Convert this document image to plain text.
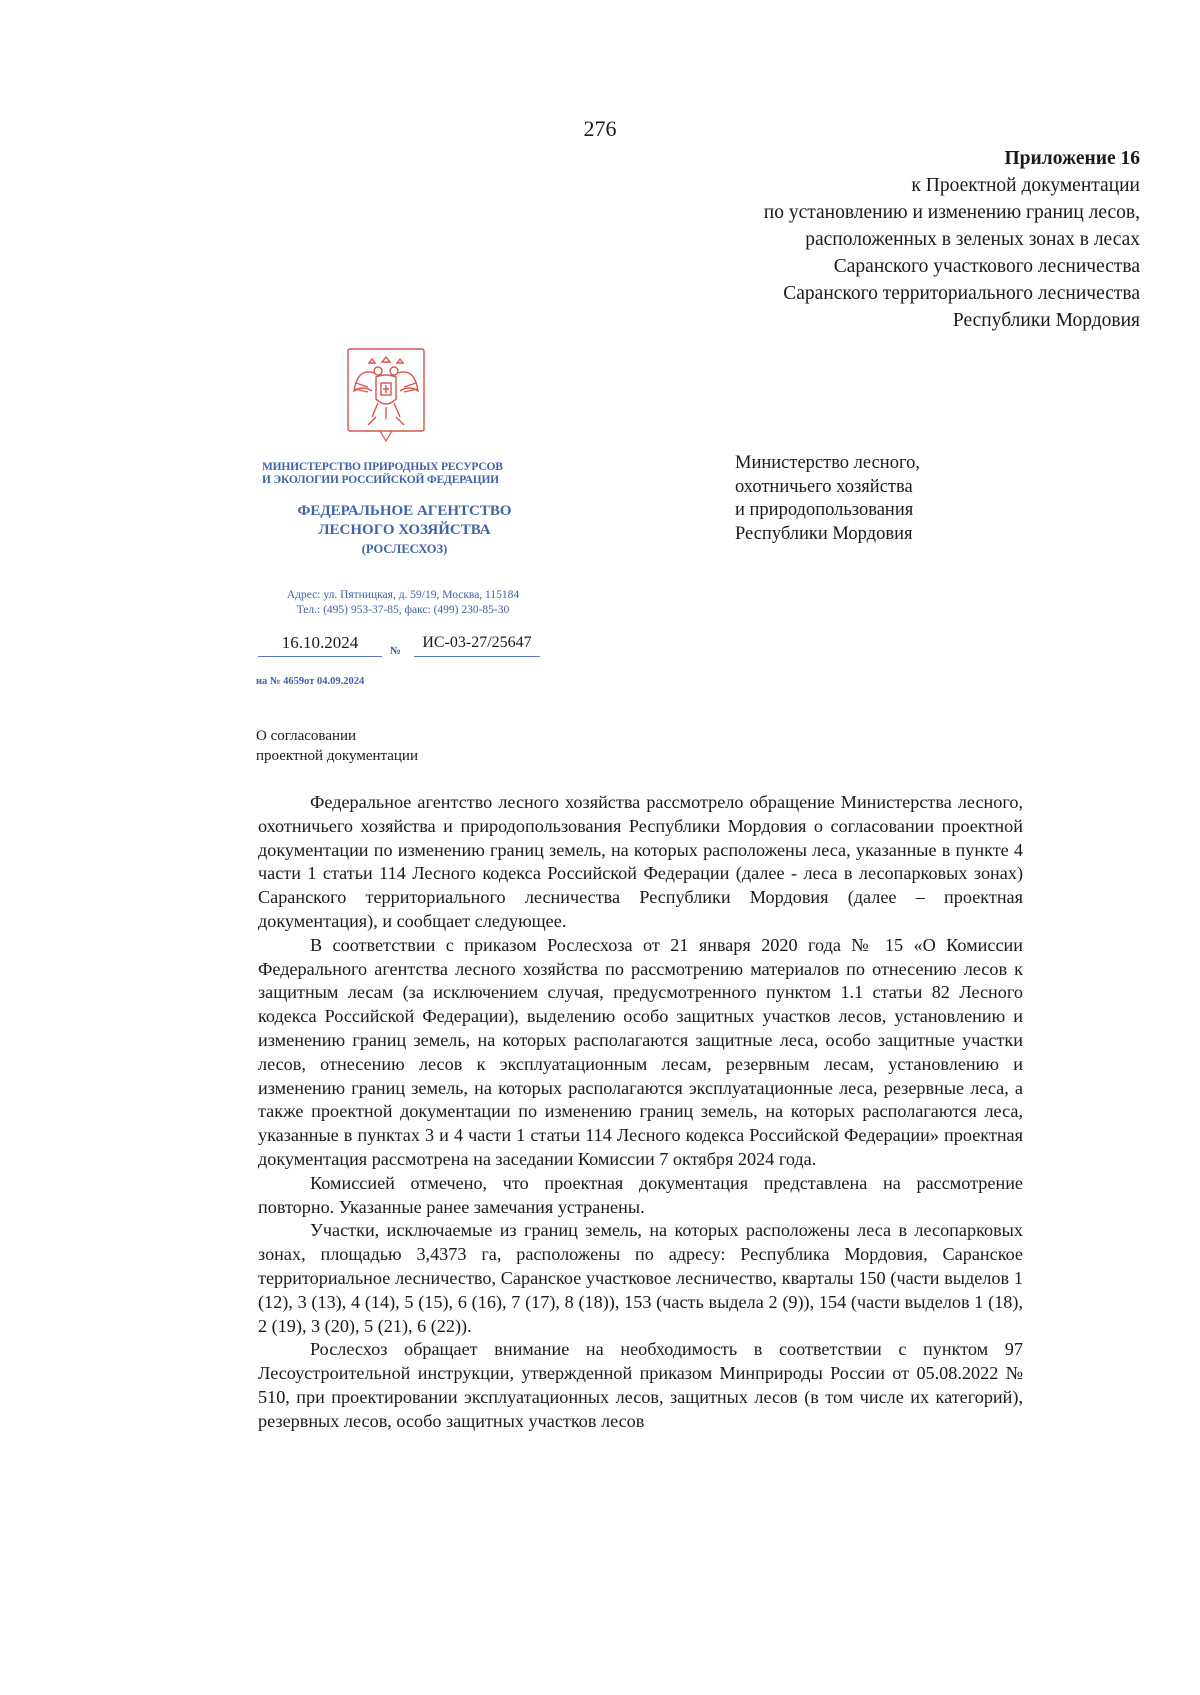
276
Приложение 16
к Проектной документации
по установлению и изменению границ лесов,
расположенных в зеленых зонах в лесах
Саранского участкового лесничества
Саранского территориального лесничества
Республики Мордовия
МИНИСТЕРСТВО ПРИРОДНЫХ РЕСУРСОВ
И ЭКОЛОГИИ РОССИЙСКОЙ ФЕДЕРАЦИИ
ФЕДЕРАЛЬНОЕ АГЕНТСТВО
ЛЕСНОГО ХОЗЯЙСТВА
(РОСЛЕСХОЗ)
Адрес: ул. Пятницкая, д. 59/19, Москва, 115184
Тел.: (495) 953-37-85, факс: (499) 230-85-30
16.10.2024	№	ИС-03-27/25647
на № 4659от 04.09.2024
Министерство лесного,
охотничьего хозяйства
и природопользования
Республики Мордовия
О согласовании
проектной документации

Федеральное агентство лесного хозяйства рассмотрело обращение Министерства лесного, охотничьего хозяйства и природопользования Республики Мордовия о согласовании проектной документации по изменению границ земель, на которых расположены леса, указанные в пункте 4 части 1 статьи 114 Лесного кодекса Российской Федерации (далее - леса в лесопарковых зонах) Саранского территориального лесничества Республики Мордовия (далее – проектная документация), и сообщает следующее.

В соответствии с приказом Рослесхоза от 21 января 2020 года № 15 «О Комиссии Федерального агентства лесного хозяйства по рассмотрению материалов по отнесению лесов к защитным лесам (за исключением случая, предусмотренного пунктом 1.1 статьи 82 Лесного кодекса Российской Федерации), выделению особо защитных участков лесов, установлению и изменению границ земель, на которых располагаются защитные леса, особо защитные участки лесов, отнесению лесов к эксплуатационным лесам, резервным лесам, установлению и изменению границ земель, на которых располагаются эксплуатационные леса, резервные леса, а также проектной документации по изменению границ земель, на которых располагаются леса, указанные в пунктах 3 и 4 части 1 статьи 114 Лесного кодекса Российской Федерации» проектная документация рассмотрена на заседании Комиссии 7 октября 2024 года.

Комиссией отмечено, что проектная документация представлена на рассмотрение повторно. Указанные ранее замечания устранены.

Участки, исключаемые из границ земель, на которых расположены леса в лесопарковых зонах, площадью 3,4373 га, расположены по адресу: Республика Мордовия, Саранское территориальное лесничество, Саранское участковое лесничество, кварталы 150 (части выделов 1 (12), 3 (13), 4 (14), 5 (15), 6 (16), 7 (17), 8 (18)), 153 (часть выдела 2 (9)), 154 (части выделов 1 (18), 2 (19), 3 (20), 5 (21), 6 (22)).

Рослесхоз обращает внимание на необходимость в соответствии с пунктом 97 Лесоустроительной инструкции, утвержденной приказом Минприроды России от 05.08.2022 № 510, при проектировании эксплуатационных лесов, защитных лесов (в том числе их категорий), резервных лесов, особо защитных участков лесов
